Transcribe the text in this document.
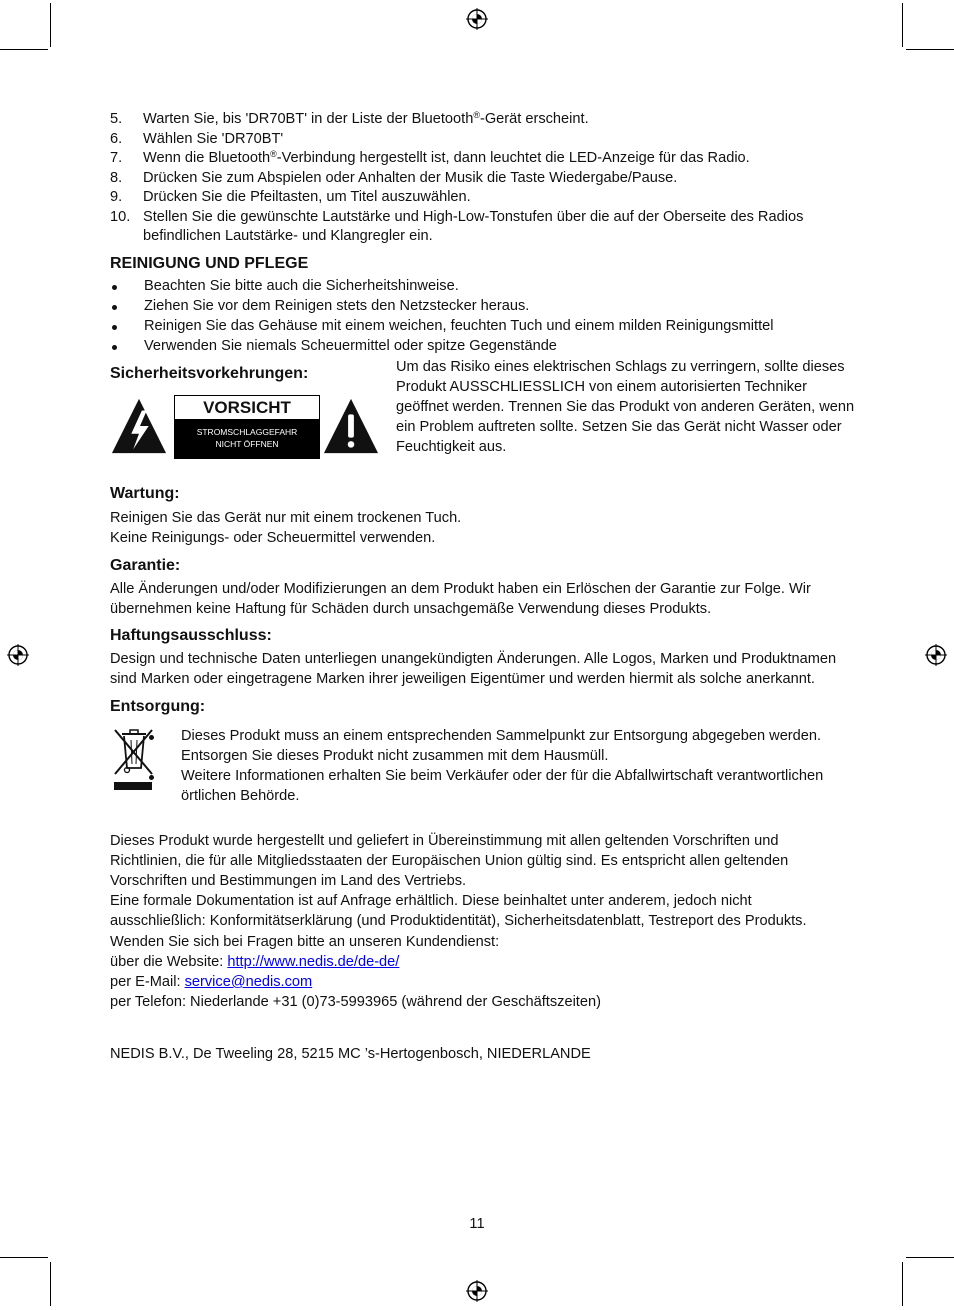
5. Warten Sie, bis 'DR70BT' in der Liste der Bluetooth®-Gerät erscheint.
6. Wählen Sie 'DR70BT'
7. Wenn die Bluetooth®-Verbindung hergestellt ist, dann leuchtet die LED-Anzeige für das Radio.
8. Drücken Sie zum Abspielen oder Anhalten der Musik die Taste Wiedergabe/Pause.
9. Drücken Sie die Pfeiltasten, um Titel auszuwählen.
10. Stellen Sie die gewünschte Lautstärke und High-Low-Tonstufen über die auf der Oberseite des Radios befindlichen Lautstärke- und Klangregler ein.
REINIGUNG UND PFLEGE
Beachten Sie bitte auch die Sicherheitshinweise.
Ziehen Sie vor dem Reinigen stets den Netzstecker heraus.
Reinigen Sie das Gehäuse mit einem weichen, feuchten Tuch und einem milden Reinigungsmittel
Verwenden Sie niemals Scheuermittel oder spitze Gegenstände
Sicherheitsvorkehrungen:
VORSICHT
STROMSCHLAGGEFAHR
NICHT ÖFFNEN
Um das Risiko eines elektrischen Schlags zu verringern, sollte dieses Produkt AUSSCHLIESSLICH von einem autorisierten Techniker geöffnet werden. Trennen Sie das Produkt von anderen Geräten, wenn ein Problem auftreten sollte. Setzen Sie das Gerät nicht Wasser oder Feuchtigkeit aus.
Wartung:
Reinigen Sie das Gerät nur mit einem trockenen Tuch.
Keine Reinigungs- oder Scheuermittel verwenden.
Garantie:
Alle Änderungen und/oder Modifizierungen an dem Produkt haben ein Erlöschen der Garantie zur Folge. Wir übernehmen keine Haftung für Schäden durch unsachgemäße Verwendung dieses Produkts.
Haftungsausschluss:
Design und technische Daten unterliegen unangekündigten Änderungen. Alle Logos, Marken und Produktnamen sind Marken oder eingetragene Marken ihrer jeweiligen Eigentümer und werden hiermit als solche anerkannt.
Entsorgung:
Dieses Produkt muss an einem entsprechenden Sammelpunkt zur Entsorgung abgegeben werden. Entsorgen Sie dieses Produkt nicht zusammen mit dem Hausmüll.
Weitere Informationen erhalten Sie beim Verkäufer oder der für die Abfallwirtschaft verantwortlichen örtlichen Behörde.
Dieses Produkt wurde hergestellt und geliefert in Übereinstimmung mit allen geltenden Vorschriften und Richtlinien, die für alle Mitgliedsstaaten der Europäischen Union gültig sind. Es entspricht allen geltenden Vorschriften und Bestimmungen im Land des Vertriebs.
Eine formale Dokumentation ist auf Anfrage erhältlich. Diese beinhaltet unter anderem, jedoch nicht ausschließlich: Konformitätserklärung (und Produktidentität), Sicherheitsdatenblatt, Testreport des Produkts.
Wenden Sie sich bei Fragen bitte an unseren Kundendienst:
über die Website: http://www.nedis.de/de-de/
per E-Mail: service@nedis.com
per Telefon: Niederlande +31 (0)73-5993965 (während der Geschäftszeiten)
NEDIS B.V., De Tweeling 28, 5215 MC ’s-Hertogenbosch, NIEDERLANDE
11
